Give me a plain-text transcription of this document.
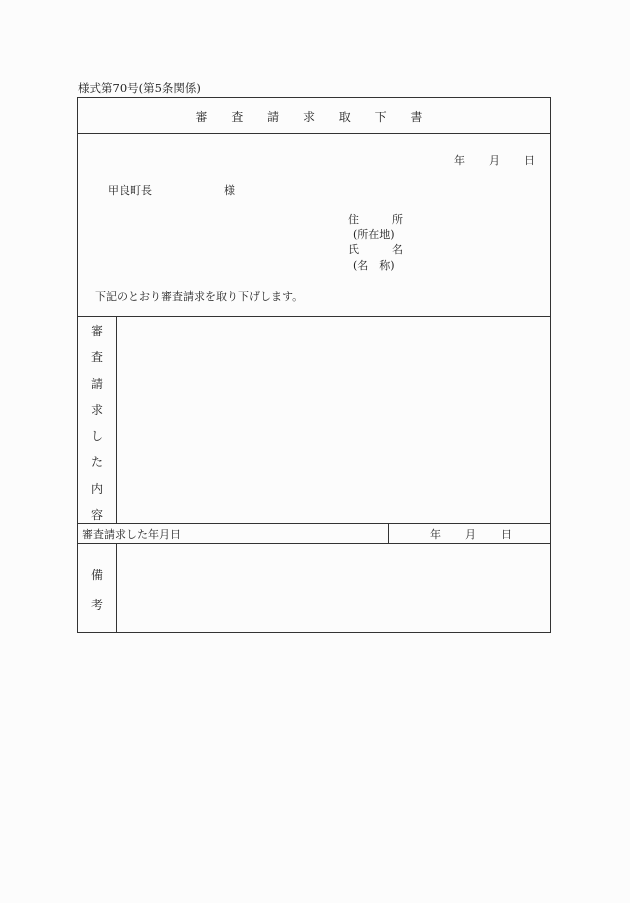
様式第70号(第5条関係)
審 査 請 求 取 下 書
年 月 日
甲良町長	様
住　　　所
(所在地)
氏　　　名
(名　称)
下記のとおり審査請求を取り下げします。
審
査
請
求
し
た
内
容
審査請求した年月日	年 月 日
備
考
